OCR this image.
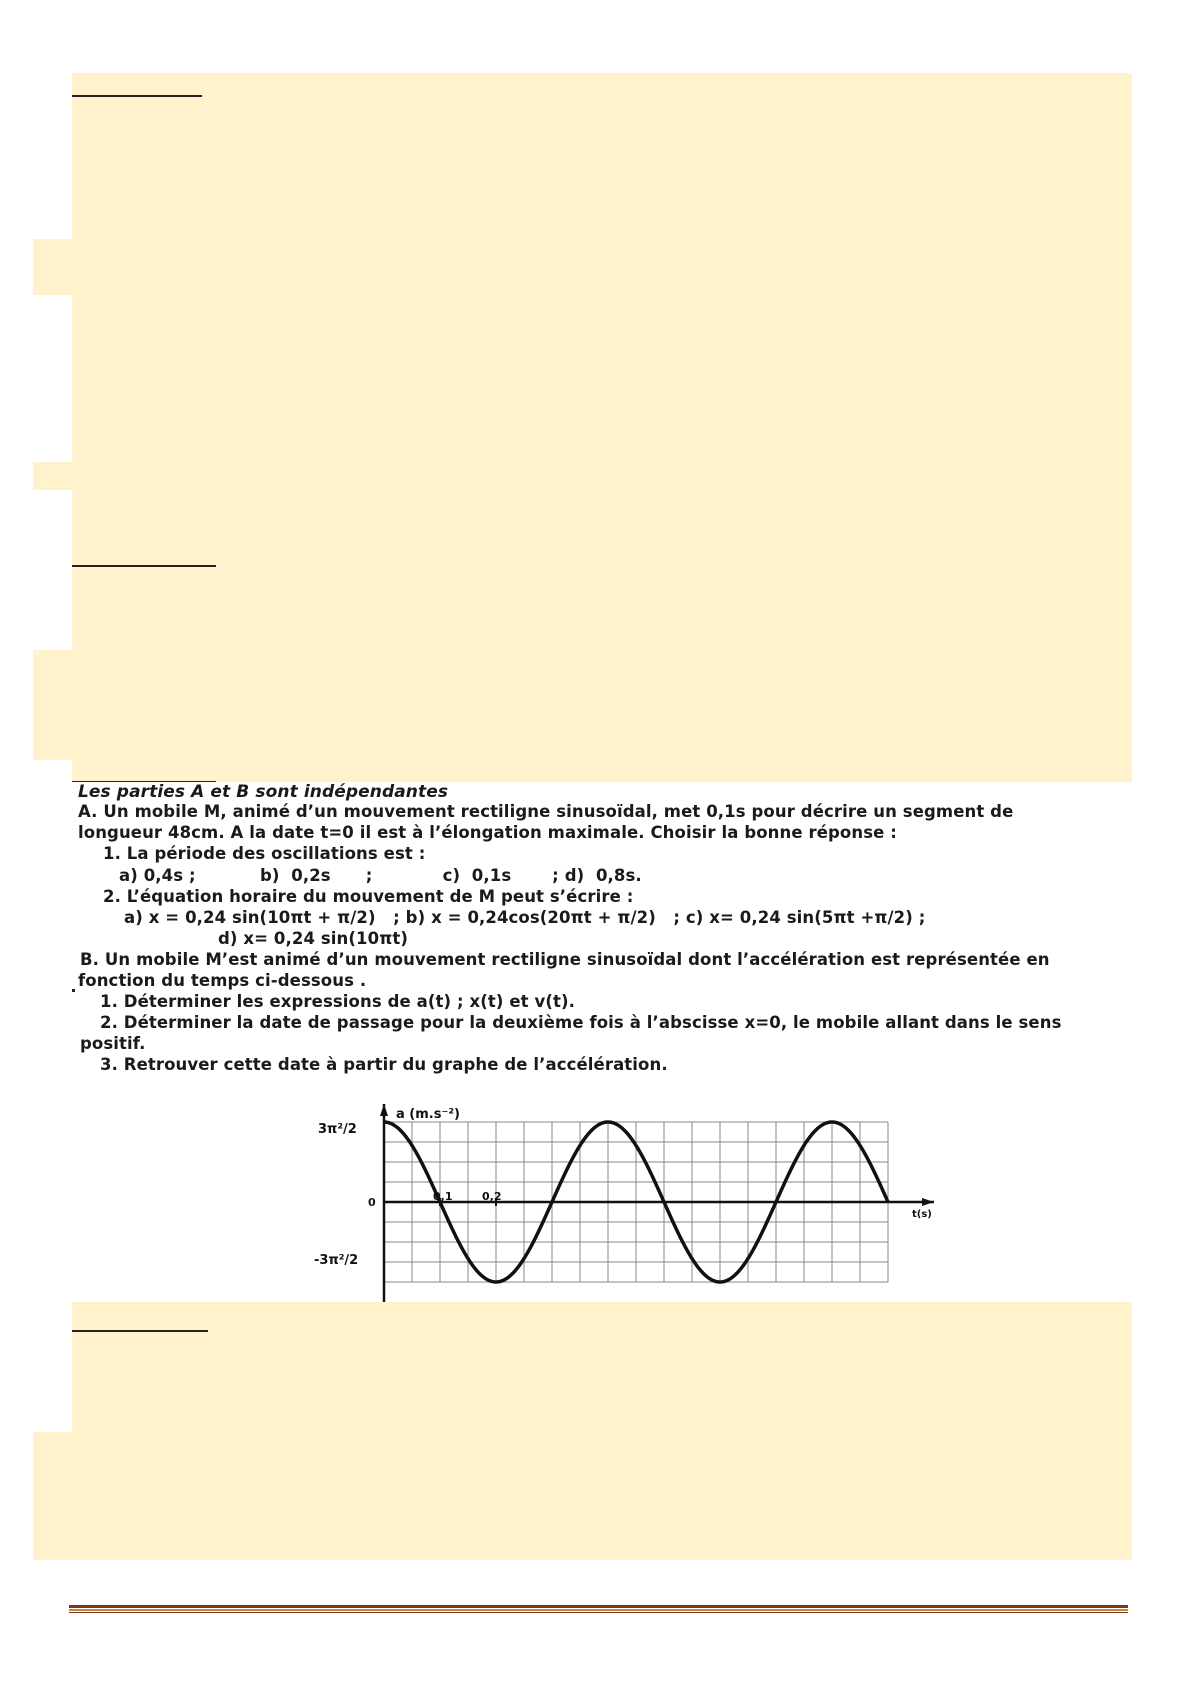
Les parties A et B sont indépendantes
A. Un mobile M, animé d’un mouvement rectiligne sinusoïdal, met 0,1s pour décrire un segment de
longueur 48cm. A la date t=0 il est à l’élongation maximale. Choisir la bonne réponse :
1. La période des oscillations est :
a) 0,4s ;           b)  0,2s      ;            c)  0,1s       ; d)  0,8s.
2. L’équation horaire du mouvement de M peut s’écrire :
a) x = 0,24 sin(10πt + π/2)   ; b) x = 0,24cos(20πt + π/2)   ; c) x= 0,24 sin(5πt +π/2) ;
d) x= 0,24 sin(10πt)
B. Un mobile M’est animé d’un mouvement rectiligne sinusoïdal dont l’accélération est représentée en
fonction du temps ci-dessous .
1. Déterminer les expressions de a(t) ; x(t) et v(t).
2. Déterminer la date de passage pour la deuxième fois à l’abscisse x=0, le mobile allant dans le sens
positif.
3. Retrouver cette date à partir du graphe de l’accélération.
a (m.s⁻²)
t(s)
3π²/2
0
-3π²/2
0,1	0,2
